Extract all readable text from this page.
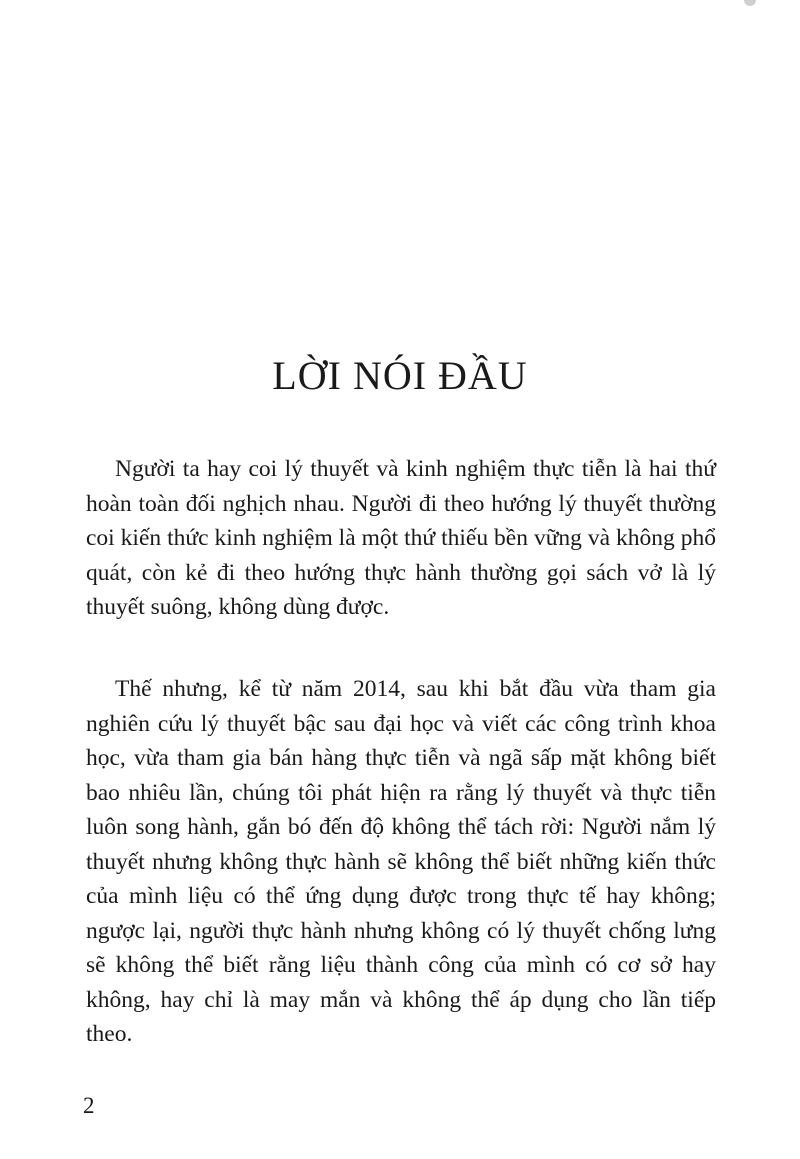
LỜI NÓI ĐẦU

Người ta hay coi lý thuyết và kinh nghiệm thực tiễn là hai thứ hoàn toàn đối nghịch nhau. Người đi theo hướng lý thuyết thường coi kiến thức kinh nghiệm là một thứ thiếu bền vững và không phổ quát, còn kẻ đi theo hướng thực hành thường gọi sách vở là lý thuyết suông, không dùng được.

Thế nhưng, kể từ năm 2014, sau khi bắt đầu vừa tham gia nghiên cứu lý thuyết bậc sau đại học và viết các công trình khoa học, vừa tham gia bán hàng thực tiễn và ngã sấp mặt không biết bao nhiêu lần, chúng tôi phát hiện ra rằng lý thuyết và thực tiễn luôn song hành, gắn bó đến độ không thể tách rời: Người nắm lý thuyết nhưng không thực hành sẽ không thể biết những kiến thức của mình liệu có thể ứng dụng được trong thực tế hay không; ngược lại, người thực hành nhưng không có lý thuyết chống lưng sẽ không thể biết rằng liệu thành công của mình có cơ sở hay không, hay chỉ là may mắn và không thể áp dụng cho lần tiếp theo.

2
